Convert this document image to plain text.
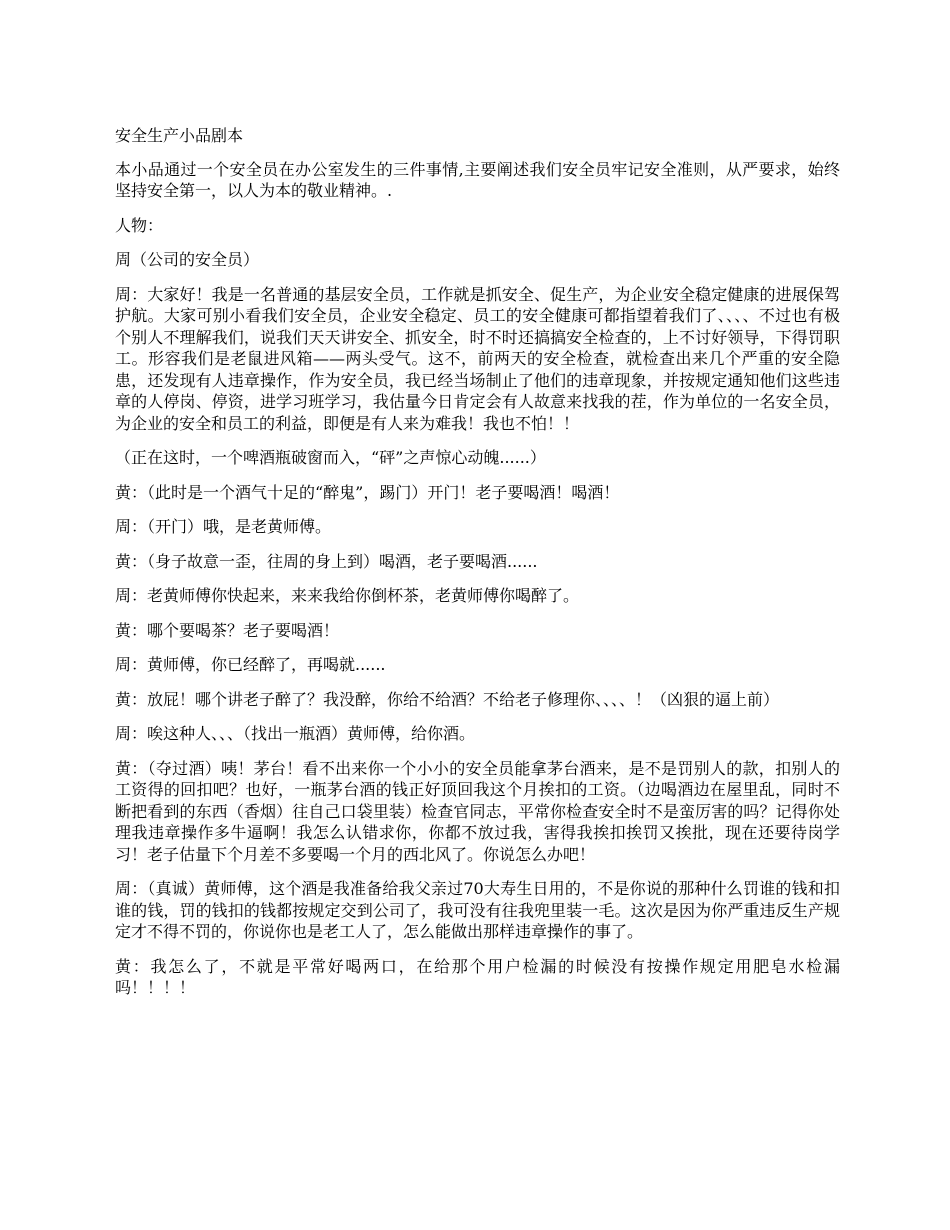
安全生产小品剧本

本小品通过一个安全员在办公室发生的三件事情,主要阐述我们安全员牢记安全准则，从严要求，始终坚持安全第一，以人为本的敬业精神。.

人物：

周（公司的安全员）

周：大家好！我是一名普通的基层安全员，工作就是抓安全、促生产，为企业安全稳定健康的进展保驾护航。大家可别小看我们安全员，企业安全稳定、员工的安全健康可都指望着我们了、、、、不过也有极个别人不理解我们，说我们天天讲安全、抓安全，时不时还搞搞安全检查的，上不讨好领导，下得罚职工。形容我们是老鼠进风箱——两头受气。这不，前两天的安全检查，就检查出来几个严重的安全隐患，还发现有人违章操作，作为安全员，我已经当场制止了他们的违章现象，并按规定通知他们这些违章的人停岗、停资，进学习班学习，我估量今日肯定会有人故意来找我的茬，作为单位的一名安全员，为企业的安全和员工的利益，即便是有人来为难我！我也不怕！！

（正在这时，一个啤酒瓶破窗而入，“砰”之声惊心动魄......）

黄：（此时是一个酒气十足的“醉鬼”，踢门）开门！老子要喝酒！喝酒！

周：（开门）哦，是老黄师傅。

黄：（身子故意一歪，往周的身上到）喝酒，老子要喝酒......

周：老黄师傅你快起来，来来我给你倒杯茶，老黄师傅你喝醉了。

黄：哪个要喝茶？老子要喝酒！

周：黄师傅，你已经醉了，再喝就......

黄：放屁！哪个讲老子醉了？我没醉，你给不给酒？不给老子修理你、、、、！（凶狠的逼上前）

周：唉这种人、、、（找出一瓶酒）黄师傅，给你酒。

黄：（夺过酒）咦！茅台！看不出来你一个小小的安全员能拿茅台酒来，是不是罚别人的款，扣别人的工资得的回扣吧？也好，一瓶茅台酒的钱正好顶回我这个月挨扣的工资。（边喝酒边在屋里乱，同时不断把看到的东西（香烟）往自己口袋里装）检查官同志，平常你检查安全时不是蛮厉害的吗？记得你处理我违章操作多牛逼啊！我怎么认错求你，你都不放过我，害得我挨扣挨罚又挨批，现在还要待岗学习！老子估量下个月差不多要喝一个月的西北风了。你说怎么办吧！

周：（真诚）黄师傅，这个酒是我准备给我父亲过70大寿生日用的，不是你说的那种什么罚谁的钱和扣谁的钱，罚的钱扣的钱都按规定交到公司了，我可没有往我兜里装一毛。这次是因为你严重违反生产规定才不得不罚的，你说你也是老工人了，怎么能做出那样违章操作的事了。

黄：我怎么了，不就是平常好喝两口，在给那个用户检漏的时候没有按操作规定用肥皂水检漏吗！！！！
